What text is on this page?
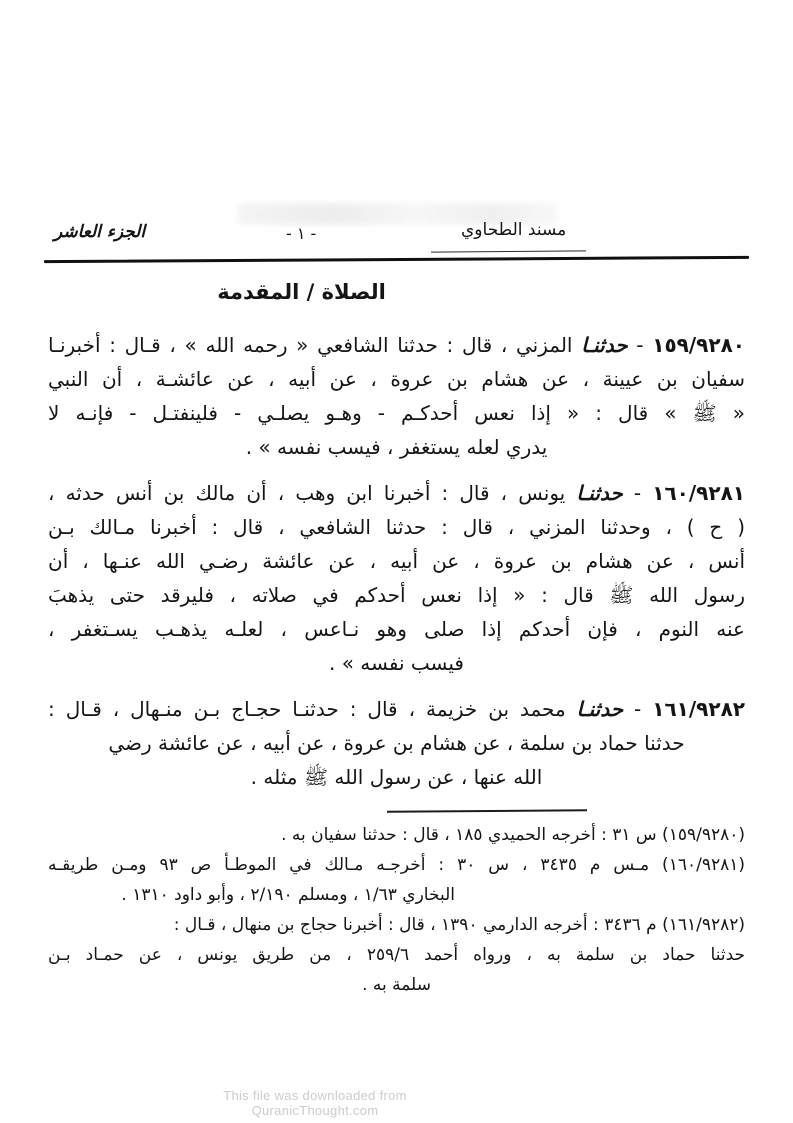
مسند الطحاوي
- ١ -
الجزء العاشر
الصلاة / المقدمة
١٥٩/٩٢٨٠ - حدثنـا المزني ، قال : حدثنا الشافعي « رحمه الله » ، قـال : أخبرنـا
سفيان بن عيينة ، عن هشام بن عروة ، عن أبيه ، عن عائشـة ، أن النبي
« ﷺ » قال : « إذا نعس أحدكـم - وهـو يصلـي - فلينفتـل - فإنـه لا
يدري لعله يستغفر ، فيسب نفسه » .
١٦٠/٩٢٨١ - حدثنـا يونس ، قال : أخبرنا ابن وهب ، أن مالك بن أنس حدثه ،
( ح ) ، وحدثنا المزني ، قال : حدثنا الشافعي ، قال : أخبرنا مـالك بـن
أنس ، عن هشام بن عروة ، عن أبيه ، عن عائشة رضـي الله عنـها ، أن
رسول الله ﷺ قال : « إذا نعس أحدكم في صلاته ، فليرقد حتى يذهبَ
عنه النوم ، فإن أحدكم إذا صلى وهو نـاعس ، لعلـه يذهـب يسـتغفر ،
فيسب نفسه » .
١٦١/٩٢٨٢ - حدثنـا محمد بن خزيمة ، قال : حدثنـا حجـاج بـن منـهال ، قـال :
حدثنا حماد بن سلمة ، عن هشام بن عروة ، عن أبيه ، عن عائشة رضي
الله عنها ، عن رسول الله ﷺ مثله .
(١٥٩/٩٢٨٠) س ٣١ : أخرجه الحميدي ١٨٥ ، قال : حدثنا سفيان به .
(١٦٠/٩٢٨١) مـس م ٣٤٣٥ ، س ٣٠ : أخرجـه مـالك في الموطـأ ص ٩٣ ومـن طريقـه
البخاري ١/٦٣ ، ومسلم ٢/١٩٠ ، وأبو داود ١٣١٠ .
(١٦١/٩٢٨٢) م ٣٤٣٦ : أخرجه الدارمي ١٣٩٠ ، قال : أخبرنا حجاج بن منهال ، قـال :
حدثنا حماد بن سلمة به ، ورواه أحمد ٢٥٩/٦ ، من طريق يونس ، عن حمـاد بـن
سلمة به .
This file was downloaded from QuranicThought.com
